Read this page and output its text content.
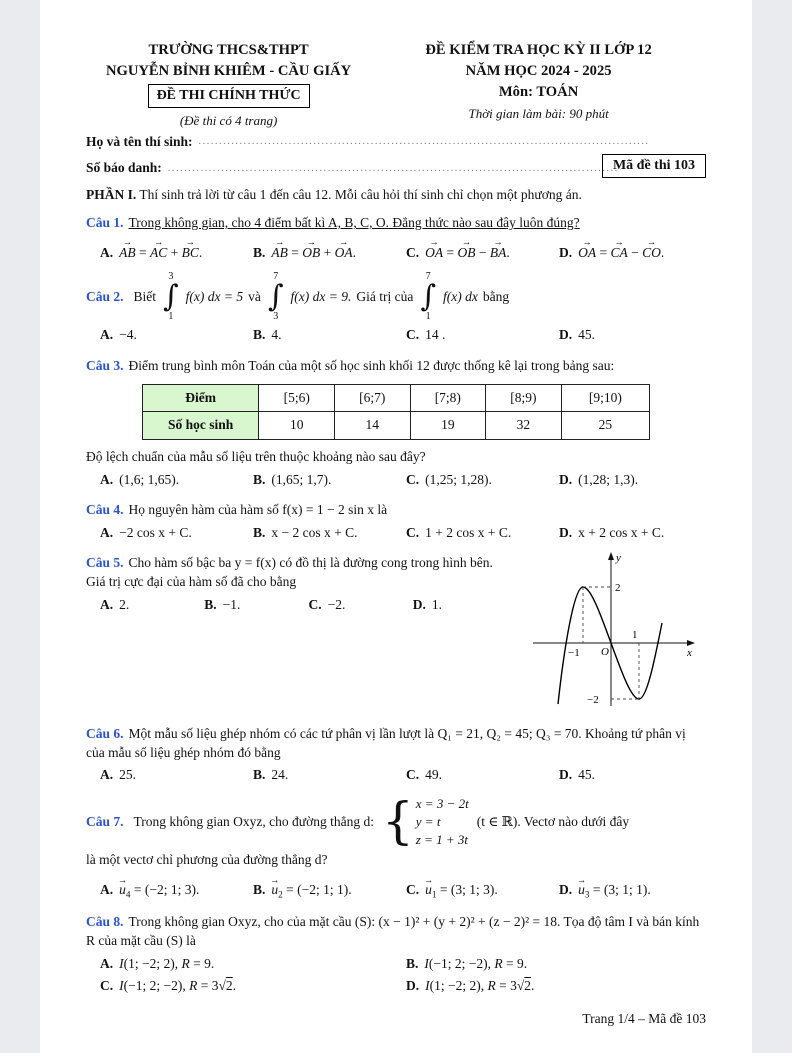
TRƯỜNG THCS&THPT
NGUYỄN BỈNH KHIÊM - CẦU GIẤY
ĐỀ THI CHÍNH THỨC
(Đề thi có 4 trang)
ĐỀ KIỂM TRA HỌC KỲ II LỚP 12
NĂM HỌC 2024 - 2025
Môn: TOÁN
Thời gian làm bài: 90 phút
Họ và tên thí sinh: ..............................................................................................................
Số báo danh: ..............................................................................................................
Mã đề thi 103

PHẦN I. Thí sinh trả lời từ câu 1 đến câu 12. Mỗi câu hỏi thí sinh chỉ chọn một phương án.

Câu 1. Trong không gian, cho 4 điểm bất kì A, B, C, O. Đẳng thức nào sau đây luôn đúng?

A. AB → = AC → + BC →.	B. AB → = OB → + OA →.	C. OA → = OB → − BA →.	D. OA → = CA → − CO →.

Câu 2. Biết
3
∫
1
f(x) dx = 5 và
7
∫
3
f(x) dx = 9. Giá trị của
7
∫
1
f(x) dx bằng

A. −4.	B. 4.	C. 14 .	D. 45.

Câu 3. Điểm trung bình môn Toán của một số học sinh khối 12 được thống kê lại trong bảng sau:

Điểm	[5;6)	[6;7)	[7;8)	[8;9)	[9;10)
Số học sinh	10	14	19	32	25

Độ lệch chuẩn của mẫu số liệu trên thuộc khoảng nào sau đây?

A. (1,6; 1,65).	B. (1,65; 1,7).	C. (1,25; 1,28).	D. (1,28; 1,3).

Câu 4. Họ nguyên hàm của hàm số f(x) = 1 − 2 sin x là

A. −2 cos x + C.	B. x − 2 cos x + C.	C. 1 + 2 cos x + C.	D. x + 2 cos x + C.

Câu 5. Cho hàm số bậc ba y = f(x) có đồ thị là đường cong trong hình bên. Giá trị cực đại của hàm số đã cho bằng

A. 2.	B. −1.	C. −2.	D. 1.
y
x
O
2
1
−1
−2

Câu 6. Một mẫu số liệu ghép nhóm có các tứ phân vị lần lượt là Q₁ = 21, Q₂ = 45; Q₃ = 70. Khoảng tứ phân vị của mẫu số liệu ghép nhóm đó bằng

A. 25.	B. 24.	C. 49.	D. 45.

Câu 7. Trong không gian Oxyz, cho đường thẳng d: { x = 3 − 2t
y = t
z = 1 + 3t
(t ∈ ℝ). Vectơ nào dưới đây

là một vectơ chỉ phương của đường thẳng d?

A. $u \to_4 = (-2$; 1; 3).	B. $u \to_2 = (-2$; 1; 1).	C. $u \to_1 = (3$; 1; 3).	D. $u \to_3 = (3$; 1; 1).

Câu 8. Trong không gian Oxyz, cho của mặt cầu (S): (x − 1)² + (y + 2)² + (z − 2)² = 18. Tọa độ tâm I và bán kính R của mặt cầu (S) là

A. I(1; −2; 2), R = 9.	B. I(−1; 2; −2), R = 9.
C. I(−1; 2; −2), R = 3√2.	D. I(1; −2; 2), R = 3√2.
Trang 1/4 – Mã đề 103
